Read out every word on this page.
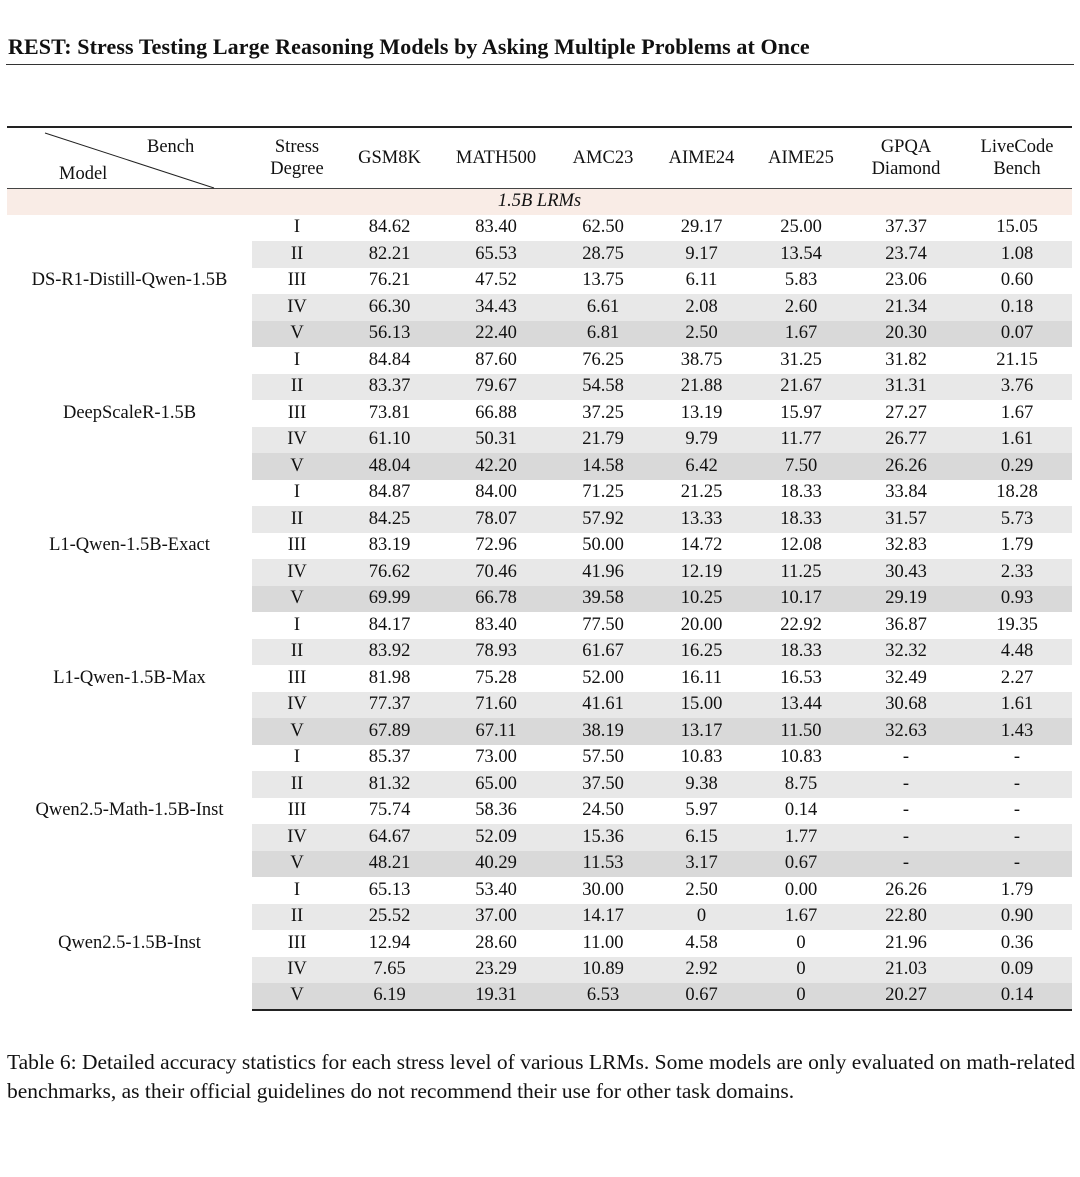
REST: Stress Testing Large Reasoning Models by Asking Multiple Problems at Once
Bench
Model	Stress Degree	GSM8K	MATH500	AMC23	AIME24	AIME25	GPQA Diamond	LiveCode Bench
1.5B LRMs								
DS-R1-Distill-Qwen-1.5B	I	84.62	83.40	62.50	29.17	25.00	37.37	15.05
	II	82.21	65.53	28.75	9.17	13.54	23.74	1.08
	III	76.21	47.52	13.75	6.11	5.83	23.06	0.60
	IV	66.30	34.43	6.61	2.08	2.60	21.34	0.18
	V	56.13	22.40	6.81	2.50	1.67	20.30	0.07
DeepScaleR-1.5B	I	84.84	87.60	76.25	38.75	31.25	31.82	21.15
	II	83.37	79.67	54.58	21.88	21.67	31.31	3.76
	III	73.81	66.88	37.25	13.19	15.97	27.27	1.67
	IV	61.10	50.31	21.79	9.79	11.77	26.77	1.61
	V	48.04	42.20	14.58	6.42	7.50	26.26	0.29
L1-Qwen-1.5B-Exact	I	84.87	84.00	71.25	21.25	18.33	33.84	18.28
	II	84.25	78.07	57.92	13.33	18.33	31.57	5.73
	III	83.19	72.96	50.00	14.72	12.08	32.83	1.79
	IV	76.62	70.46	41.96	12.19	11.25	30.43	2.33
	V	69.99	66.78	39.58	10.25	10.17	29.19	0.93
L1-Qwen-1.5B-Max	I	84.17	83.40	77.50	20.00	22.92	36.87	19.35
	II	83.92	78.93	61.67	16.25	18.33	32.32	4.48
	III	81.98	75.28	52.00	16.11	16.53	32.49	2.27
	IV	77.37	71.60	41.61	15.00	13.44	30.68	1.61
	V	67.89	67.11	38.19	13.17	11.50	32.63	1.43
Qwen2.5-Math-1.5B-Inst	I	85.37	73.00	57.50	10.83	10.83	-	-
	II	81.32	65.00	37.50	9.38	8.75	-	-
	III	75.74	58.36	24.50	5.97	0.14	-	-
	IV	64.67	52.09	15.36	6.15	1.77	-	-
	V	48.21	40.29	11.53	3.17	0.67	-	-
Qwen2.5-1.5B-Inst	I	65.13	53.40	30.00	2.50	0.00	26.26	1.79
	II	25.52	37.00	14.17	0	1.67	22.80	0.90
	III	12.94	28.60	11.00	4.58	0	21.96	0.36
	IV	7.65	23.29	10.89	2.92	0	21.03	0.09
	V	6.19	19.31	6.53	0.67	0	20.27	0.14
Table 6: Detailed accuracy statistics for each stress level of various LRMs. Some models are only evaluated on math-related benchmarks, as their official guidelines do not recommend their use for other task domains.
